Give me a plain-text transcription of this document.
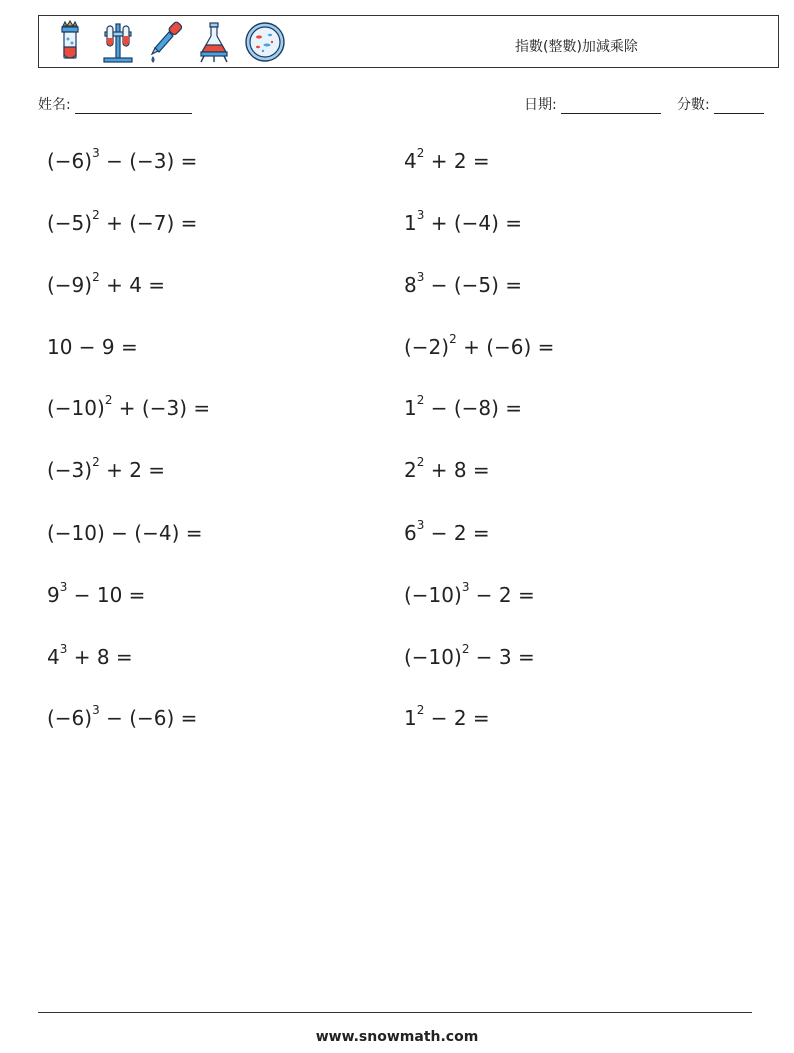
指數(整數)加減乘除
姓名:	日期:	分數:
$(-6)^3 - (-3)$ =	$4^2 + 2$ =
$(-5)^2 + (-7)$ =	$1^3 + (-4)$ =
$(-9)^2 + 4$ =	$8^3 - (-5)$ =
10 − 9 =	$(-2)^2 + (-6)$ =
$(-10)^2 + (-3)$ =	$1^2 - (-8)$ =
$(-3)^2 + 2$ =	$2^2 + 8$ =
(−10) − (−4) =	$6^3 - 2$ =
$9^3 - 10$ =	$(-10)^3 - 2$ =
$4^3 + 8$ =	$(-10)^2 - 3$ =
$(-6)^3 - (-6)$ =	$1^2 - 2$ =
www.snowmath.com
